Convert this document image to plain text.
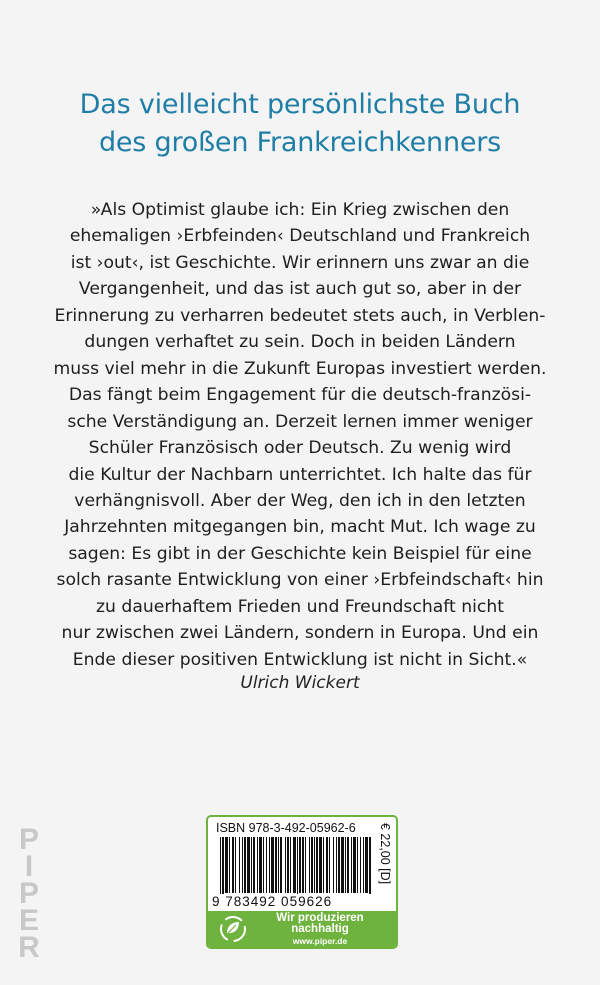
Das vielleicht persönlichste Buch
des großen Frankreichkenners
»Als Optimist glaube ich: Ein Krieg zwischen den
ehemaligen ›Erbfeinden‹ Deutschland und Frankreich
ist ›out‹, ist Geschichte. Wir erinnern uns zwar an die
Vergangenheit, und das ist auch gut so, aber in der
Erinnerung zu verharren bedeutet stets auch, in Verblen-
dungen verhaftet zu sein. Doch in beiden Ländern
muss viel mehr in die Zukunft Europas investiert werden.
Das fängt beim Engagement für die deutsch-französi-
sche Verständigung an. Derzeit lernen immer weniger
Schüler Französisch oder Deutsch. Zu wenig wird
die Kultur der Nachbarn unterrichtet. Ich halte das für
verhängnisvoll. Aber der Weg, den ich in den letzten
Jahrzehnten mitgegangen bin, macht Mut. Ich wage zu
sagen: Es gibt in der Geschichte kein Beispiel für eine
solch rasante Entwicklung von einer ›Erbfeindschaft‹ hin
zu dauerhaftem Frieden und Freundschaft nicht
nur zwischen zwei Ländern, sondern in Europa. Und ein
Ende dieser positiven Entwicklung ist nicht in Sicht.«
Ulrich Wickert
P
I
P
E
R
ISBN 978-3-492-05962-6
9 783492 059626
€ 22,00 [D]
Wir produzieren
nachhaltig
www.piper.de
